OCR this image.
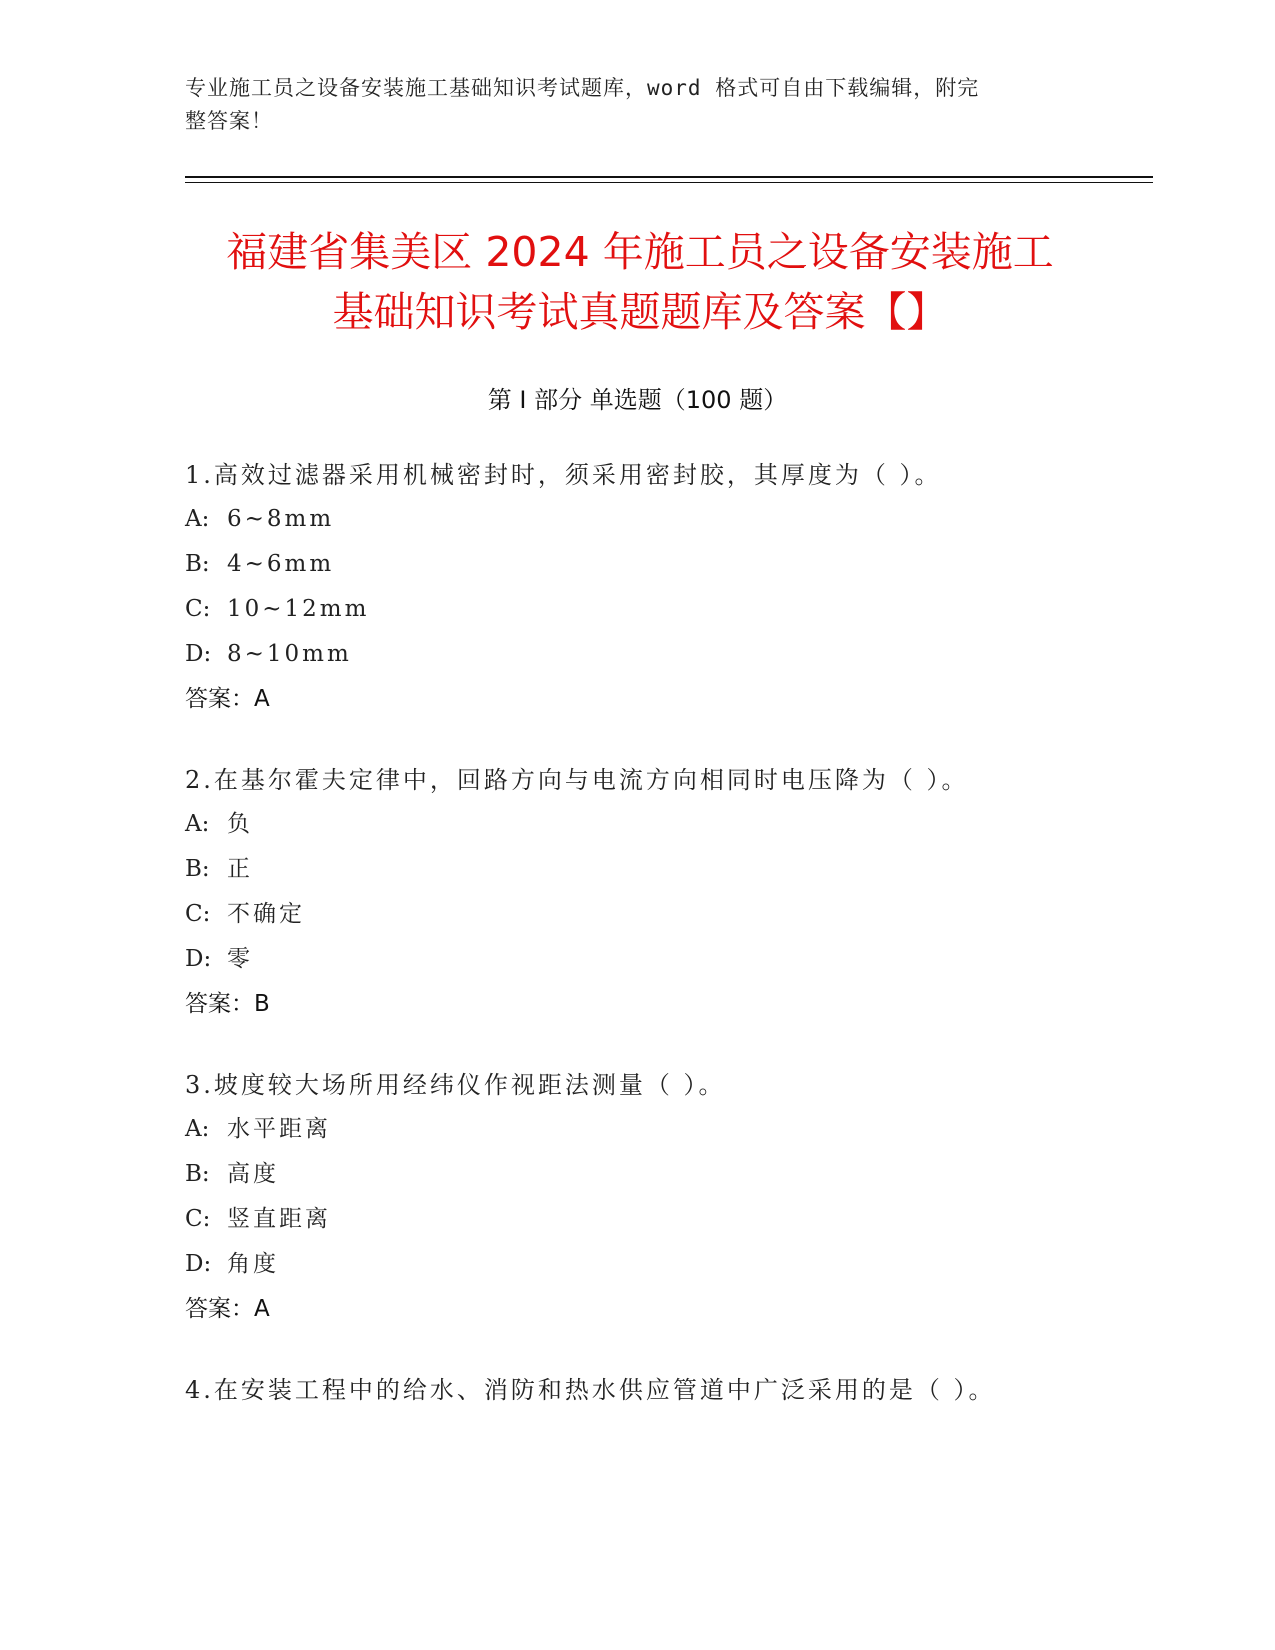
专业施工员之设备安装施工基础知识考试题库，word 格式可自由下载编辑，附完
整答案！
福建省集美区 2024 年施工员之设备安装施工
基础知识考试真题题库及答案【】
第 I 部分 单选题（100 题）
1.高效过滤器采用机械密封时，须采用密封胶，其厚度为（ ）。
A: 6~8mm
B: 4~6mm
C: 10~12mm
D: 8~10mm
答案：A
2.在基尔霍夫定律中，回路方向与电流方向相同时电压降为（ ）。
A: 负
B: 正
C: 不确定
D: 零
答案：B
3.坡度较大场所用经纬仪作视距法测量（ ）。
A: 水平距离
B: 高度
C: 竖直距离
D: 角度
答案：A
4.在安装工程中的给水、消防和热水供应管道中广泛采用的是（ ）。
